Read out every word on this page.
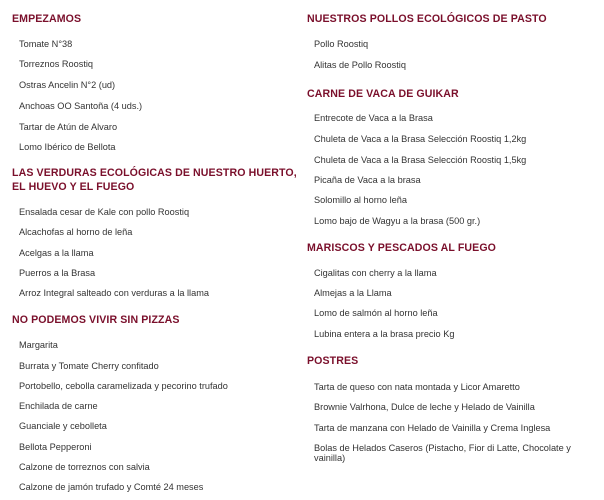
EMPEZAMOS
Tomate N°38
Torreznos Roostiq
Ostras Ancelin N°2 (ud)
Anchoas OO Santoña (4 uds.)
Tartar de Atún de Alvaro
Lomo Ibérico de Bellota
LAS VERDURAS ECOLÓGICAS DE NUESTRO HUERTO, EL HUEVO Y EL FUEGO
Ensalada cesar de Kale con pollo Roostiq
Alcachofas al horno de leña
Acelgas a la llama
Puerros a la Brasa
Arroz Integral salteado con verduras a la llama
NO PODEMOS VIVIR SIN PIZZAS
Margarita
Burrata y Tomate Cherry confitado
Portobello, cebolla caramelizada y pecorino trufado
Enchilada de carne
Guanciale y cebolleta
Bellota Pepperoni
Calzone de torreznos con salvia
Calzone de jamón trufado y Comté 24 meses
NUESTROS POLLOS ECOLÓGICOS DE PASTO
Pollo Roostiq
Alitas de Pollo Roostiq
CARNE DE VACA DE GUIKAR
Entrecote de Vaca a la Brasa
Chuleta de Vaca a la Brasa Selección Roostiq 1,2kg
Chuleta de Vaca a la Brasa Selección Roostiq 1,5kg
Picaña de Vaca a la brasa
Solomillo al horno leña
Lomo bajo de Wagyu a la brasa (500 gr.)
MARISCOS Y PESCADOS AL FUEGO
Cigalitas con cherry a la llama
Almejas a la Llama
Lomo de salmón al horno leña
Lubina entera a la brasa precio Kg
POSTRES
Tarta de queso con nata montada y Licor Amaretto
Brownie Valrhona, Dulce de leche y Helado de Vainilla
Tarta de manzana con Helado de Vainilla y Crema Inglesa
Bolas de Helados Caseros (Pistacho, Fior di Latte, Chocolate y vainilla)
